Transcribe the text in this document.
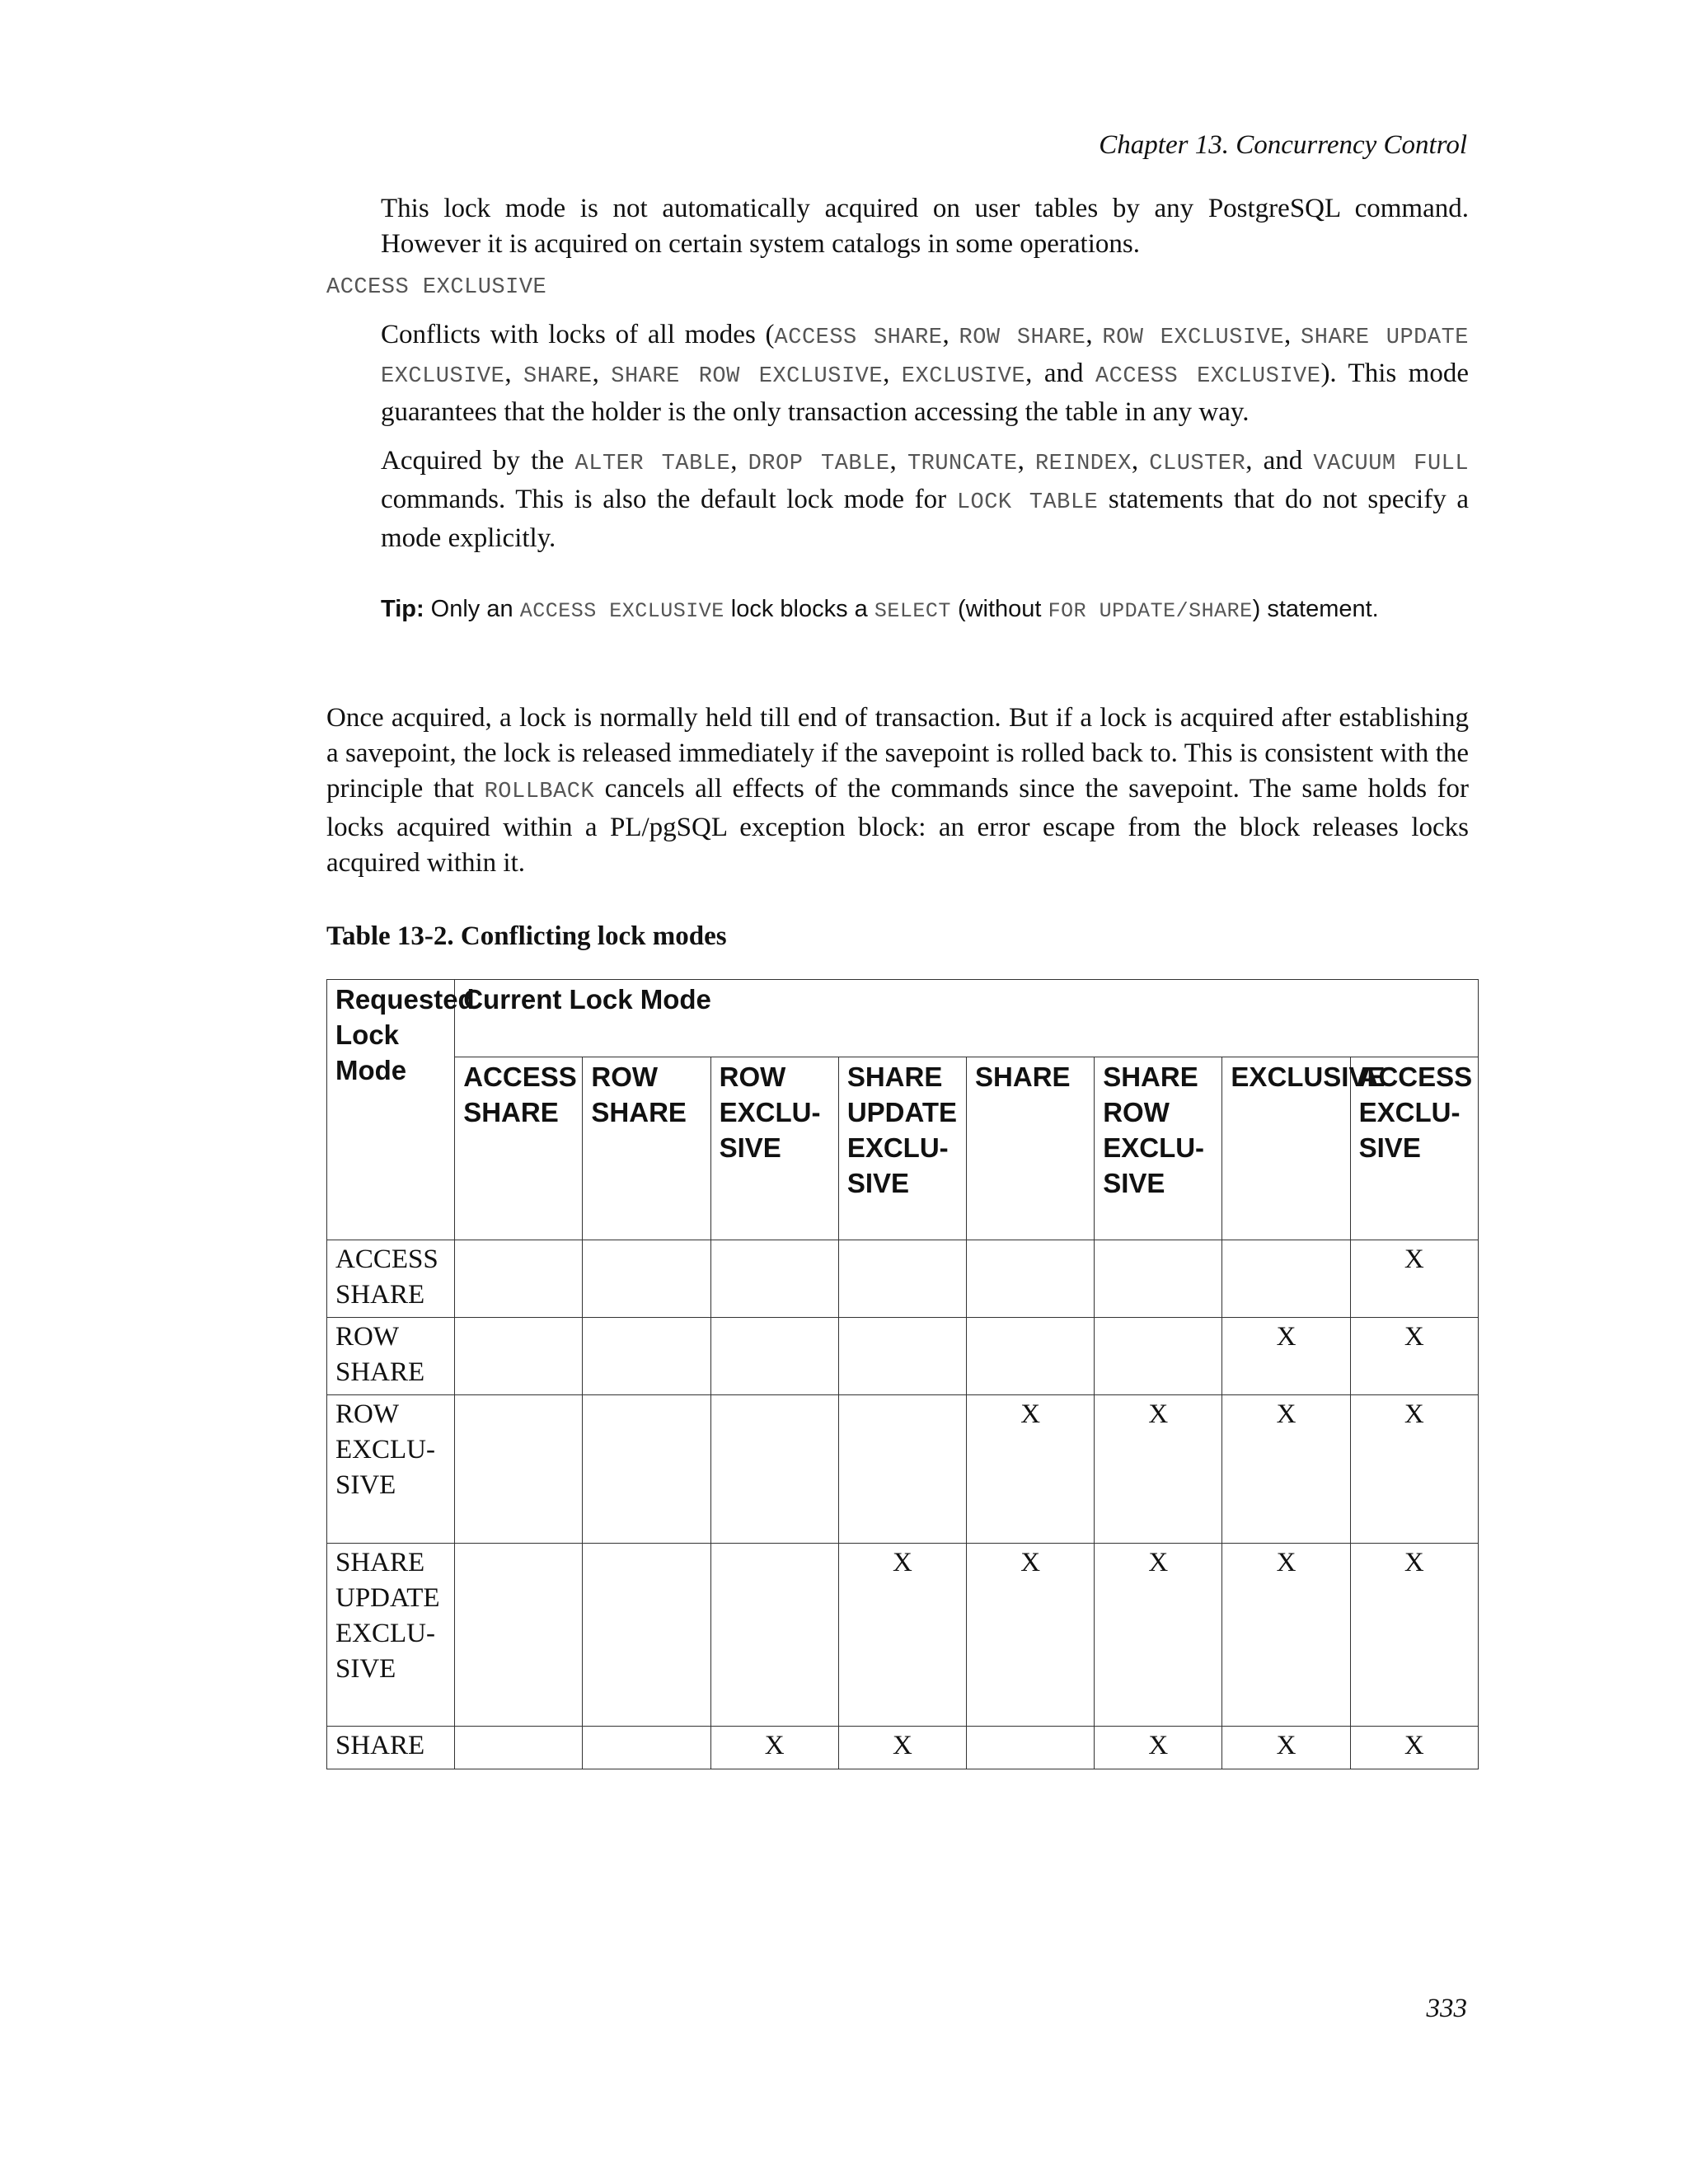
Chapter 13. Concurrency Control

This lock mode is not automatically acquired on user tables by any PostgreSQL command. However it is acquired on certain system catalogs in some operations.

ACCESS EXCLUSIVE

Conflicts with locks of all modes (ACCESS SHARE, ROW SHARE, ROW EXCLUSIVE, SHARE UPDATE EXCLUSIVE, SHARE, SHARE ROW EXCLUSIVE, EXCLUSIVE, and ACCESS EXCLUSIVE). This mode guarantees that the holder is the only transaction accessing the table in any way.

Acquired by the ALTER TABLE, DROP TABLE, TRUNCATE, REINDEX, CLUSTER, and VACUUM FULL commands. This is also the default lock mode for LOCK TABLE statements that do not specify a mode explicitly.

Tip: Only an ACCESS EXCLUSIVE lock blocks a SELECT (without FOR UPDATE/SHARE) statement.

Once acquired, a lock is normally held till end of transaction. But if a lock is acquired after establishing a savepoint, the lock is released immediately if the savepoint is rolled back to. This is consistent with the principle that ROLLBACK cancels all effects of the commands since the savepoint. The same holds for locks acquired within a PL/pgSQL exception block: an error escape from the block releases locks acquired within it.

Table 13-2. Conflicting lock modes
Requested Lock Mode	Current Lock Mode							
	ACCESS SHARE	ROW SHARE	ROW EXCLU- SIVE	SHARE UPDATE EXCLU- SIVE	SHARE	SHARE ROW EXCLU- SIVE	EXCLUSIVE	ACCESS EXCLU- SIVE
ACCESS SHARE								X
ROW SHARE							X	X
ROW EXCLU- SIVE					X	X	X	X
SHARE UPDATE EXCLU- SIVE				X	X	X	X	X
SHARE			X	X		X	X	X
333
